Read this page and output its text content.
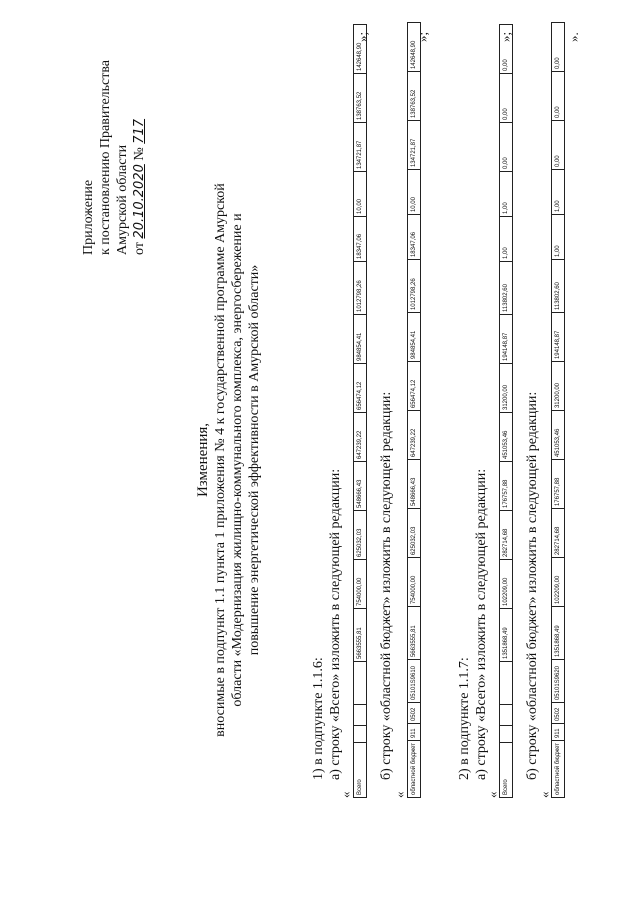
Приложение к постановлению Правительства Амурской области от 20.10.2020 № 717
Изменения, вносимые в подпункт 1.1 пункта 1 приложения № 4 к государственной программе Амурской области «Модернизация жилищно-коммунального комплекса, энергосбережение и повышение энергетической эффективности в Амурской области»
1) в подпункте 1.1.6: а) строку «Всего» изложить в следующей редакции:
« Всего				5663555,81	754000,00	625032,03	548666,43	647239,22	656474,12	984854,41	1012798,26	18347,06	10,00	134721,87	138763,52	142648,90
»;
б) строку «областной бюджет» изложить в следующей редакции:
« областной бюджет	911	0502	05101S9610	5663555,81	754000,00	625032,03	548666,43	647239,22	656474,12	984854,41	1012798,26	18347,06	10,00	134721,87	138763,52	142648,90
»;
2) в подпункте 1.1.7: а) строку «Всего» изложить в следующей редакции:
« Всего				1351868,49	102209,00	282714,68	176757,88	451053,46	31200,00	194148,87	113802,60	1,00	1,00	0,00	0,00	0,00
»;
б) строку «областной бюджет» изложить в следующей редакции:
« областной бюджет	911	0502	05101S9620	1351868,49	102209,00	282714,68	176757,88	451053,46	31200,00	194148,87	113802,60	1,00	1,00	0,00	0,00	0,00
».
